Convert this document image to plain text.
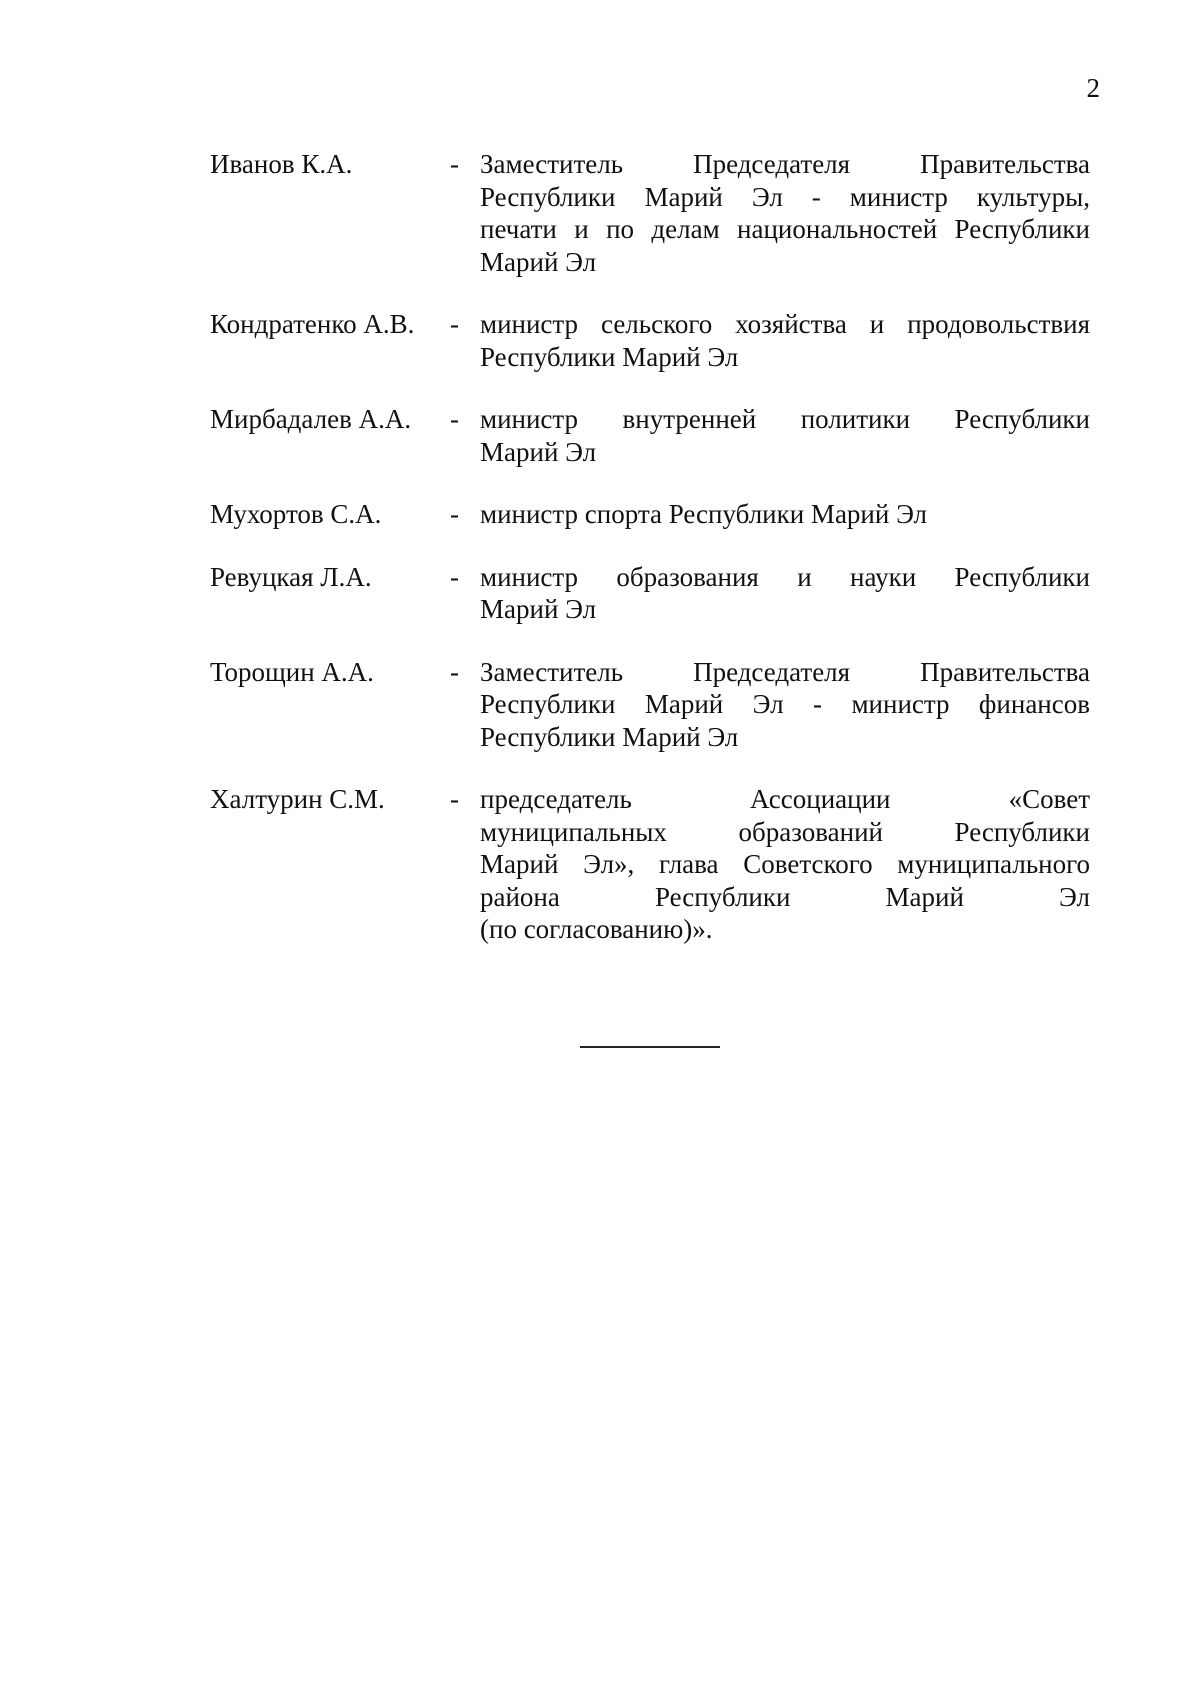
2
Иванов К.А.	- Заместитель Председателя Правительства
Республики Марий Эл - министр культуры,
печати и по делам национальностей Республики
Марий Эл
Кондратенко А.В.	- министр сельского хозяйства и продовольствия
Республики Марий Эл
Мирбадалев А.А.	- министр внутренней политики Республики
Марий Эл
Мухортов С.А.	- министр спорта Республики Марий Эл
Ревуцкая Л.А.	- министр образования и науки Республики
Марий Эл
Торощин А.А.	- Заместитель Председателя Правительства
Республики Марий Эл - министр финансов
Республики Марий Эл
Халтурин С.М.	- председатель Ассоциации «Совет
муниципальных образований Республики
Марий Эл», глава Советского муниципального
района Республики Марий Эл
(по согласованию)».
